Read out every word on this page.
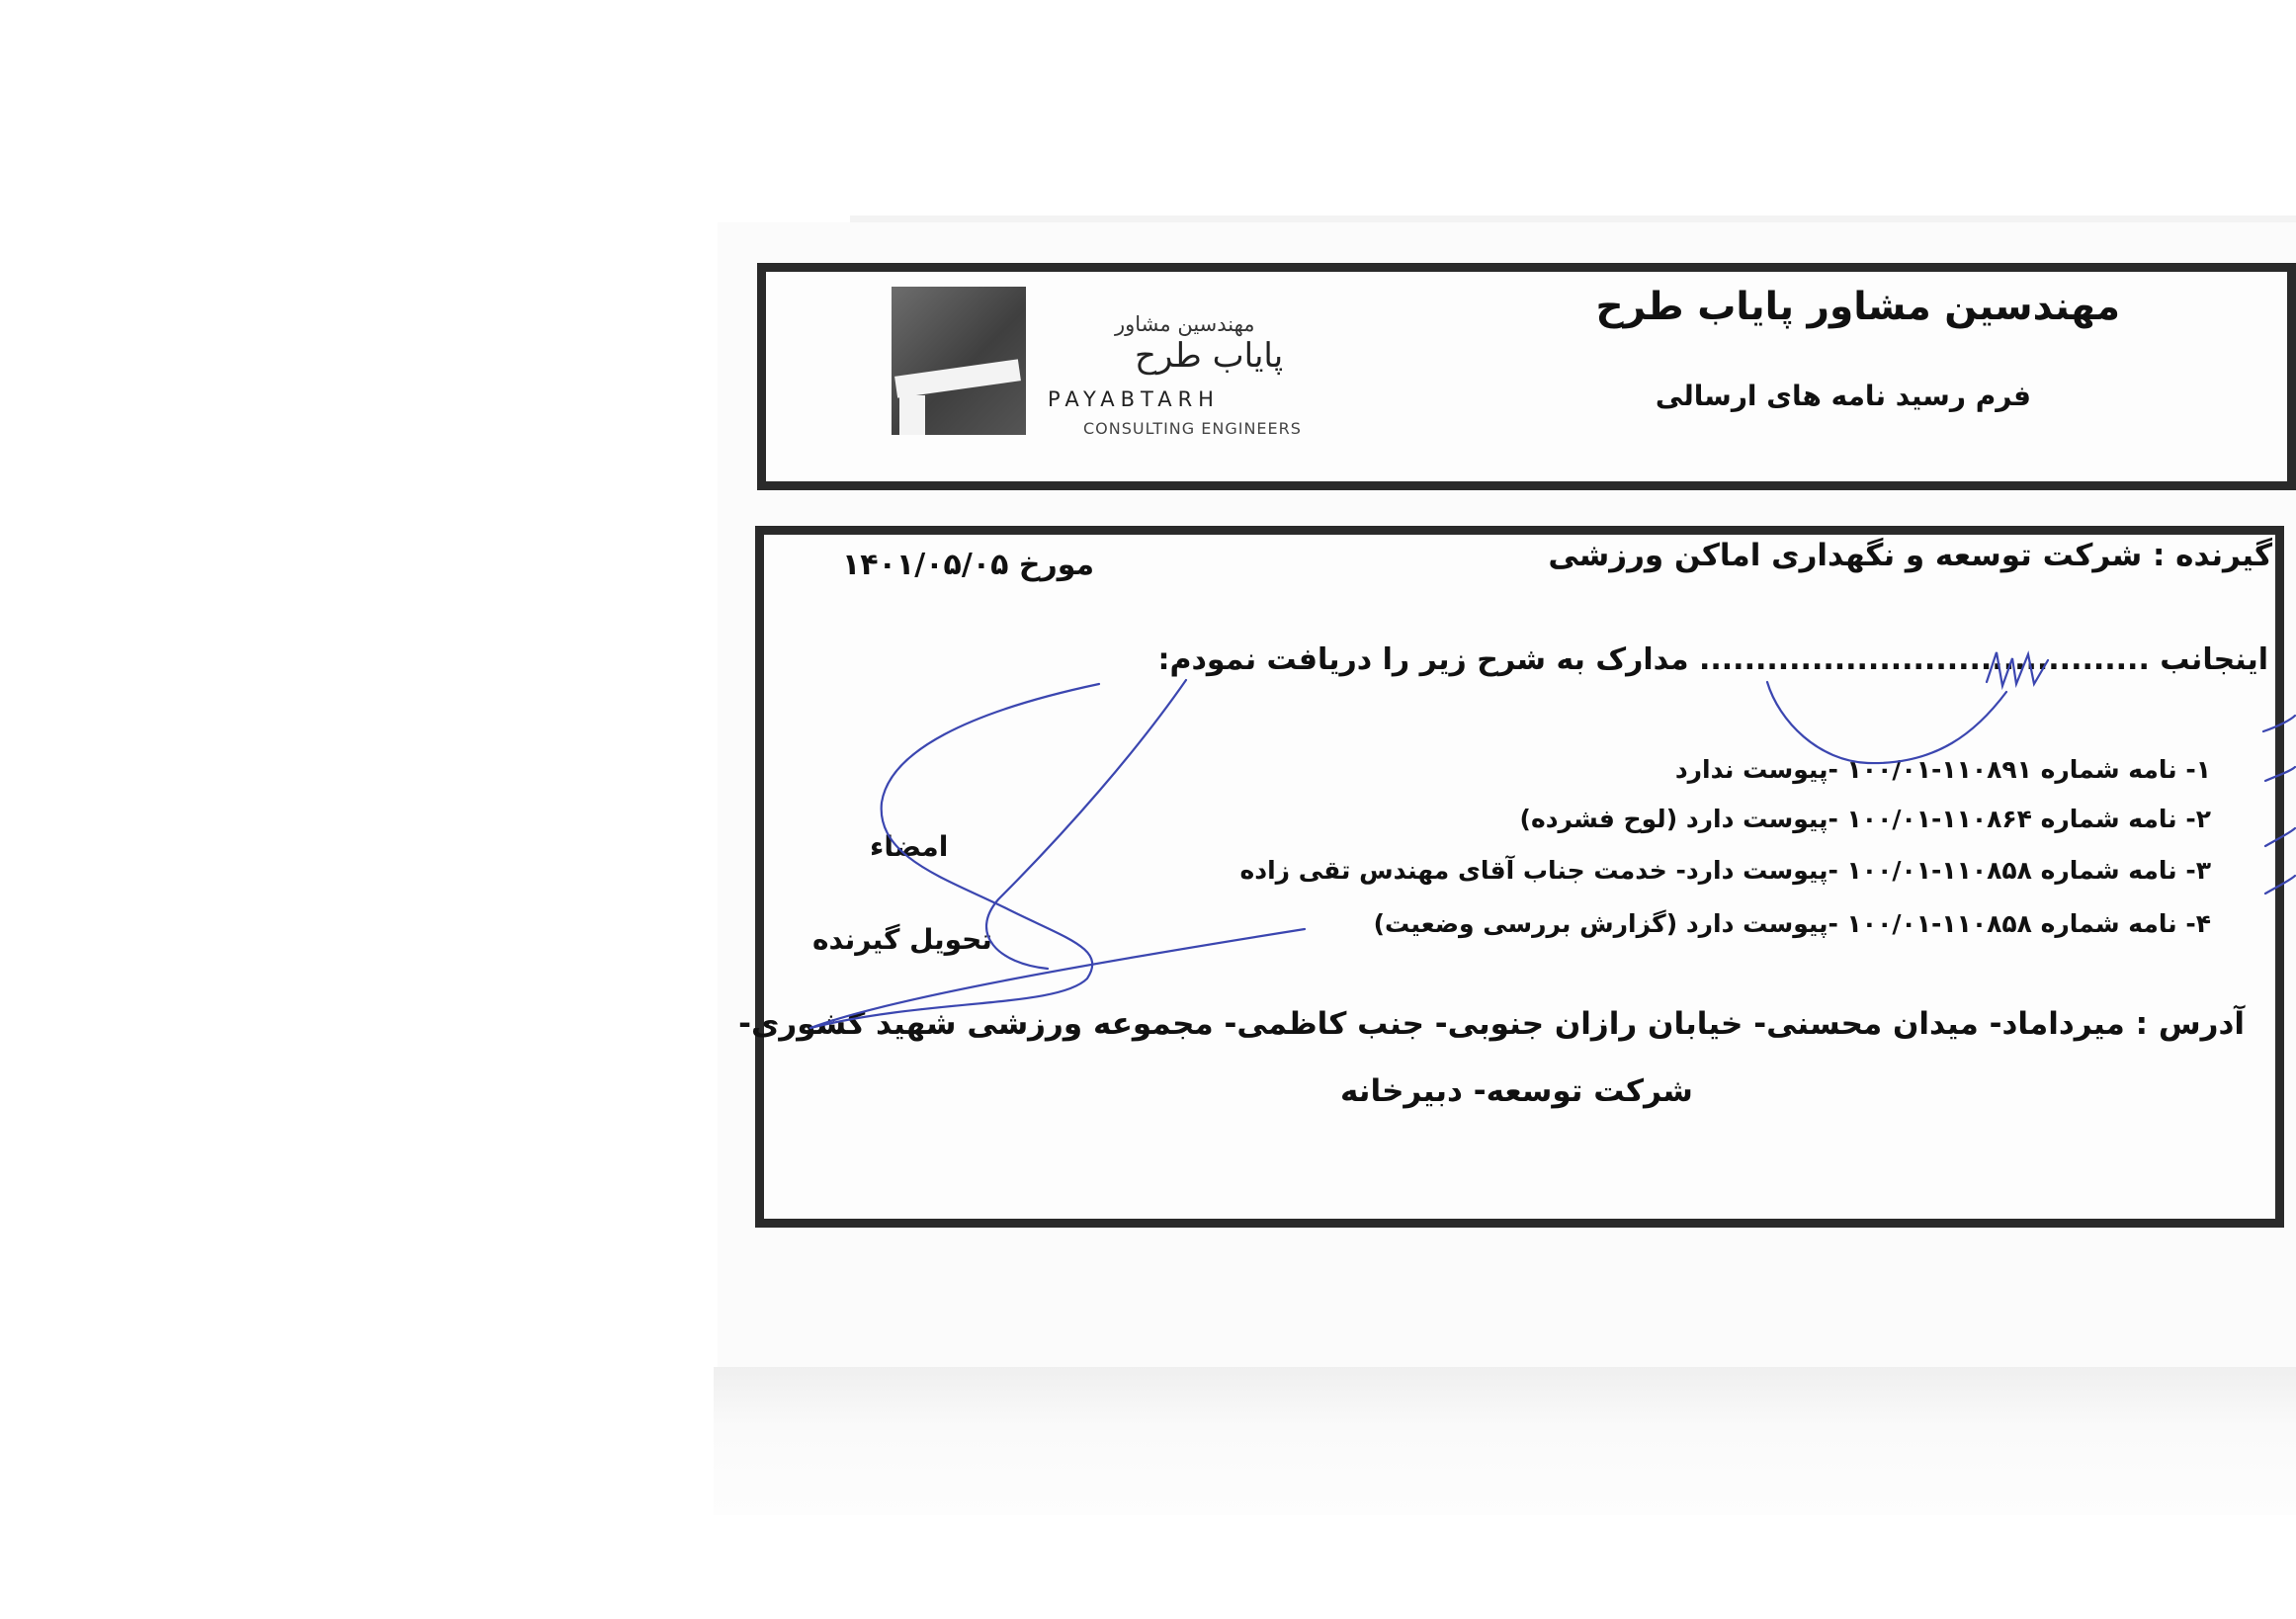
مهندسین مشاور
پایاب طرح
PAYABTARH
CONSULTING ENGINEERS
مهندسین مشاور پایاب طرح
فرم رسید نامه های ارسالی
گیرنده : شرکت توسعه و نگهداری اماکن ورزشی
مورخ ۱۴۰۱/۰۵/۰۵
اینجانب ........................................ مدارک به شرح زیر را دریافت نمودم:
۱- نامه شماره ۱۱۰۸۹۱-۱۰۰/۰۱ -پیوست ندارد
۲- نامه شماره ۱۱۰۸۶۴-۱۰۰/۰۱ -پیوست دارد (لوح فشرده)
۳- نامه شماره ۱۱۰۸۵۸-۱۰۰/۰۱ -پیوست دارد- خدمت جناب آقای مهندس تقی زاده
۴- نامه شماره ۱۱۰۸۵۸-۱۰۰/۰۱ -پیوست دارد (گزارش بررسی وضعیت)
امضاء
تحویل گیرنده
آدرس : میرداماد- میدان محسنی- خیابان رازان جنوبی- جنب کاظمی- مجموعه ورزشی شهید کشوری-
شرکت توسعه- دبیرخانه
